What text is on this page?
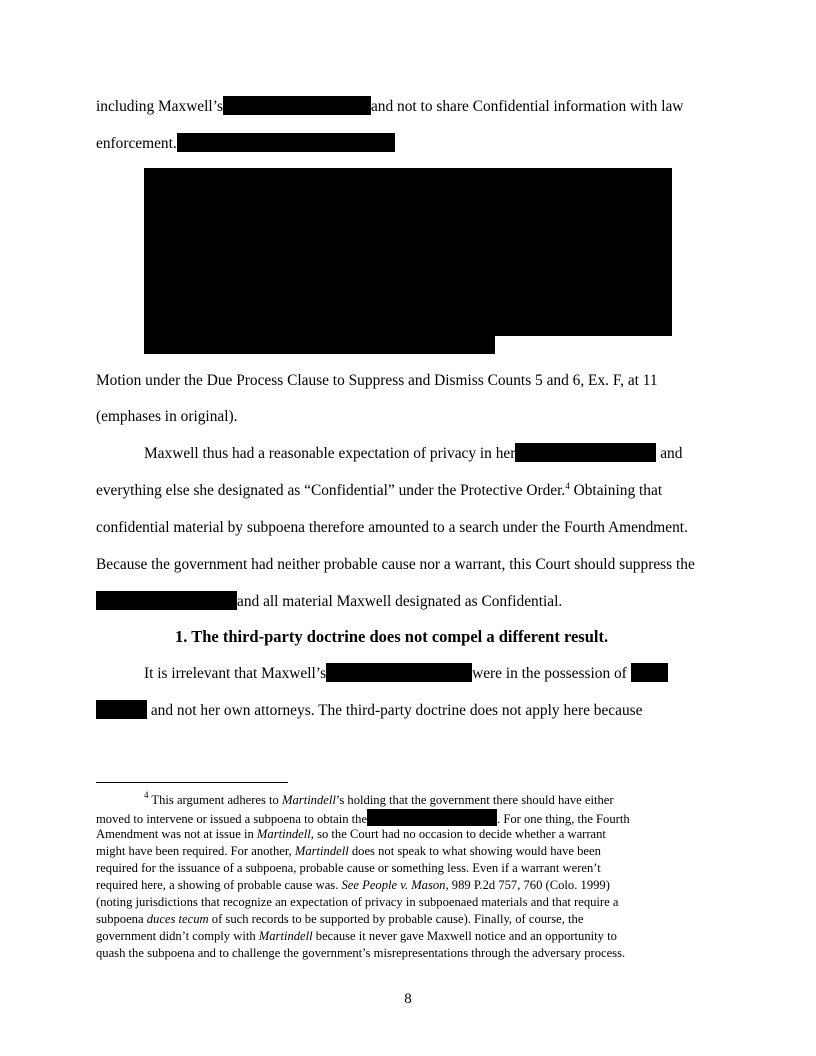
including Maxwell’s	and not to share Confidential information with law
enforcement.
Motion under the Due Process Clause to Suppress and Dismiss Counts 5 and 6, Ex. F, at 11
(emphases in original).
Maxwell thus had a reasonable expectation of privacy in her	and
everything else she designated as “Confidential” under the Protective Order.$^4$ Obtaining that
confidential material by subpoena therefore amounted to a search under the Fourth Amendment.
Because the government had neither probable cause nor a warrant, this Court should suppress the
and all material Maxwell designated as Confidential.
1. The third-party doctrine does not compel a different result.
It is irrelevant that Maxwell’s	were in the possession of
and not her own attorneys. The third-party doctrine does not apply here because
$^4$ This argument adheres to Martindell’s holding that the government there should have either
moved to intervene or issued a subpoena to obtain the	. For one thing, the Fourth
Amendment was not at issue in Martindell, so the Court had no occasion to decide whether a warrant
might have been required. For another, Martindell does not speak to what showing would have been
required for the issuance of a subpoena, probable cause or something less. Even if a warrant weren’t
required here, a showing of probable cause was. See People v. Mason, 989 P.2d 757, 760 (Colo. 1999)
(noting jurisdictions that recognize an expectation of privacy in subpoenaed materials and that require a
subpoena duces tecum of such records to be supported by probable cause). Finally, of course, the
government didn’t comply with Martindell because it never gave Maxwell notice and an opportunity to
quash the subpoena and to challenge the government’s misrepresentations through the adversary process.
8
